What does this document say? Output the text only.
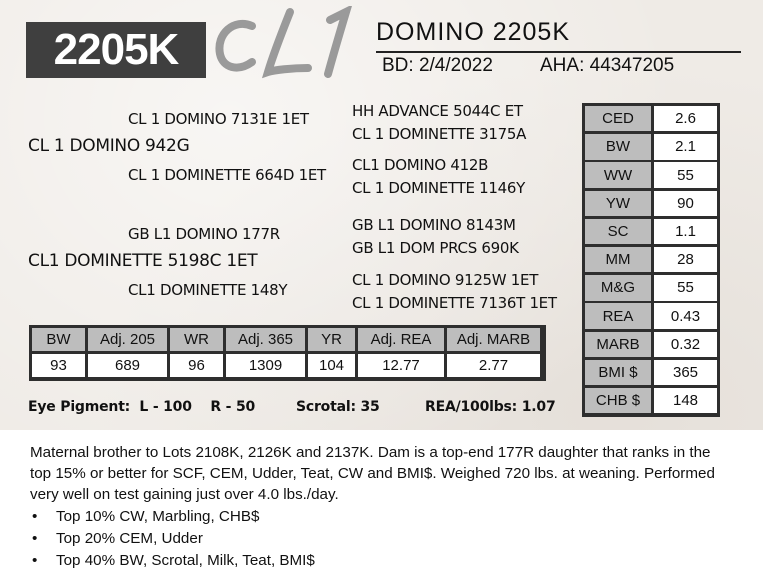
2205K	DOMINO 2205K
BD: 2/4/2022 AHA: 44347205
CL 1 DOMINO 7131E 1ET
CL 1 DOMINO 942G
CL 1 DOMINETTE 664D 1ET
HH ADVANCE 5044C ET
CL 1 DOMINETTE 3175A
CL1 DOMINO 412B
CL 1 DOMINETTE 1146Y
GB L1 DOMINO 177R
CL1 DOMINETTE 5198C 1ET
CL1 DOMINETTE 148Y
GB L1 DOMINO 8143M
GB L1 DOM PRCS 690K
CL 1 DOMINO 9125W 1ET
CL 1 DOMINETTE 7136T 1ET
CED	2.6
BW	2.1
WW	55
YW	90
SC	1.1
MM	28
M&G	55
REA	0.43
MARB	0.32
BMI $	365
CHB $	148
BW	Adj. 205	WR	Adj. 365	YR	Adj. REA	Adj. MARB
93	689	96	1309	104	12.77	2.77
Eye Pigment:  L - 100    R - 50	Scrotal: 35	REA/100lbs: 1.07

Maternal brother to Lots 2108K, 2126K and 2137K. Dam is a top-end 177R daughter that ranks in the top 15% or better for SCF, CEM, Udder, Teat, CW and BMI$. Weighed 720 lbs. at weaning. Performed very well on test gaining just over 4.0 lbs./day.

• Top 10% CW, Marbling, CHB$
• Top 20% CEM, Udder
• Top 40% BW, Scrotal, Milk, Teat, BMI$
